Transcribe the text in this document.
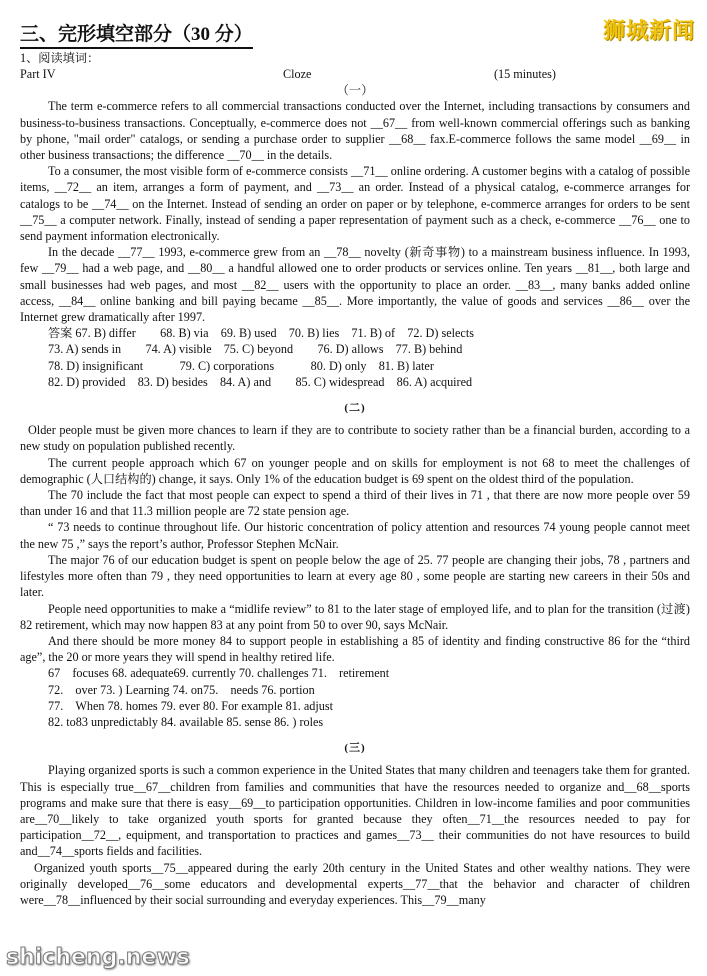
三、完形填空部分（30 分）	狮城新闻
1、阅读填词：
Part IV	Cloze	(15 minutes)
（一）

The term e-commerce refers to all commercial transactions conducted over the Internet, including transactions by consumers and business-to-business transactions. Conceptually, e-commerce does not __67__ from well-known commercial offerings such as banking by phone, "mail order" catalogs, or sending a purchase order to supplier __68__ fax.E-commerce follows the same model __69__ in other business transactions; the difference __70__ in the details.

To a consumer, the most visible form of e-commerce consists __71__ online ordering. A customer begins with a catalog of possible items, __72__ an item, arranges a form of payment, and __73__ an order. Instead of a physical catalog, e-commerce arranges for catalogs to be __74__ on the Internet. Instead of sending an order on paper or by telephone, e-commerce arranges for orders to be sent __75__ a computer network. Finally, instead of sending a paper representation of payment such as a check, e-commerce __76__ one to send payment information electronically.

In the decade __77__ 1993, e-commerce grew from an __78__ novelty (新奇事物) to a mainstream business influence. In 1993, few __79__ had a web page, and __80__ a handful allowed one to order products or services online. Ten years __81__, both large and small businesses had web pages, and most __82__ users with the opportunity to place an order. __83__, many banks added online access, __84__ online banking and bill paying became __85__. More importantly, the value of goods and services __86__ over the Internet grew dramatically after 1997.

答案 67. B) differ　　68. B) via　69. B) used　70. B) lies　71. B) of　72. D) selects

73. A) sends in　　74. A) visible　75. C) beyond　　76. D) allows　77. B) behind

78. D) insignificant　　　79. C) corporations　　　80. D) only　81. B) later

82. D) provided　83. D) besides　84. A) and　　85. C) widespread　86. A) acquired

(二)

Older people must be given more chances to learn if they are to contribute to society rather than be a financial burden, according to a new study on population published recently.

The current people approach which 67 on younger people and on skills for employment is not 68 to meet the challenges of demographic (人口结构的) change, it says. Only 1% of the education budget is 69 spent on the oldest third of the population.

The 70 include the fact that most people can expect to spend a third of their lives in 71 , that there are now more people over 59 than under 16 and that 11.3 million people are 72 state pension age.

“ 73 needs to continue throughout life. Our historic concentration of policy attention and resources 74 young people cannot meet the new 75 ,” says the report’s author, Professor Stephen McNair.

The major 76 of our education budget is spent on people below the age of 25. 77 people are changing their jobs, 78 , partners and lifestyles more often than 79 , they need opportunities to learn at every age 80 , some people are starting new careers in their 50s and later.

People need opportunities to make a “midlife review” to 81 to the later stage of employed life, and to plan for the transition (过渡) 82 retirement, which may now happen 83 at any point from 50 to over 90, says McNair.

And there should be more money 84 to support people in establishing a 85 of identity and finding constructive 86 for the “third age”, the 20 or more years they will spend in healthy retired life.

67　focuses 68. adequate69. currently 70. challenges 71.　retirement

72.　over 73. ) Learning 74. on75.　needs 76. portion

77.　When 78. homes 79. ever 80. For example 81. adjust

82. to83 unpredictably 84. available 85. sense 86. ) roles

(三)

Playing organized sports is such a common experience in the United States that many children and teenagers take them for granted. This is especially true__67__children from families and communities that have the resources needed to organize and__68__sports programs and make sure that there is easy__69__to participation opportunities. Children in low-income families and poor communities are__70__likely to take organized youth sports for granted because they often__71__the resources needed to pay for participation__72__, equipment, and transportation to practices and games__73__ their communities do not have resources to build and__74__sports fields and facilities.

Organized youth sports__75__appeared during the early 20th century in the United States and other wealthy nations. They were originally developed__76__some educators and developmental experts__77__that the behavior and character of children were__78__influenced by their social surrounding and everyday experiences. This__79__many

shicheng.news
